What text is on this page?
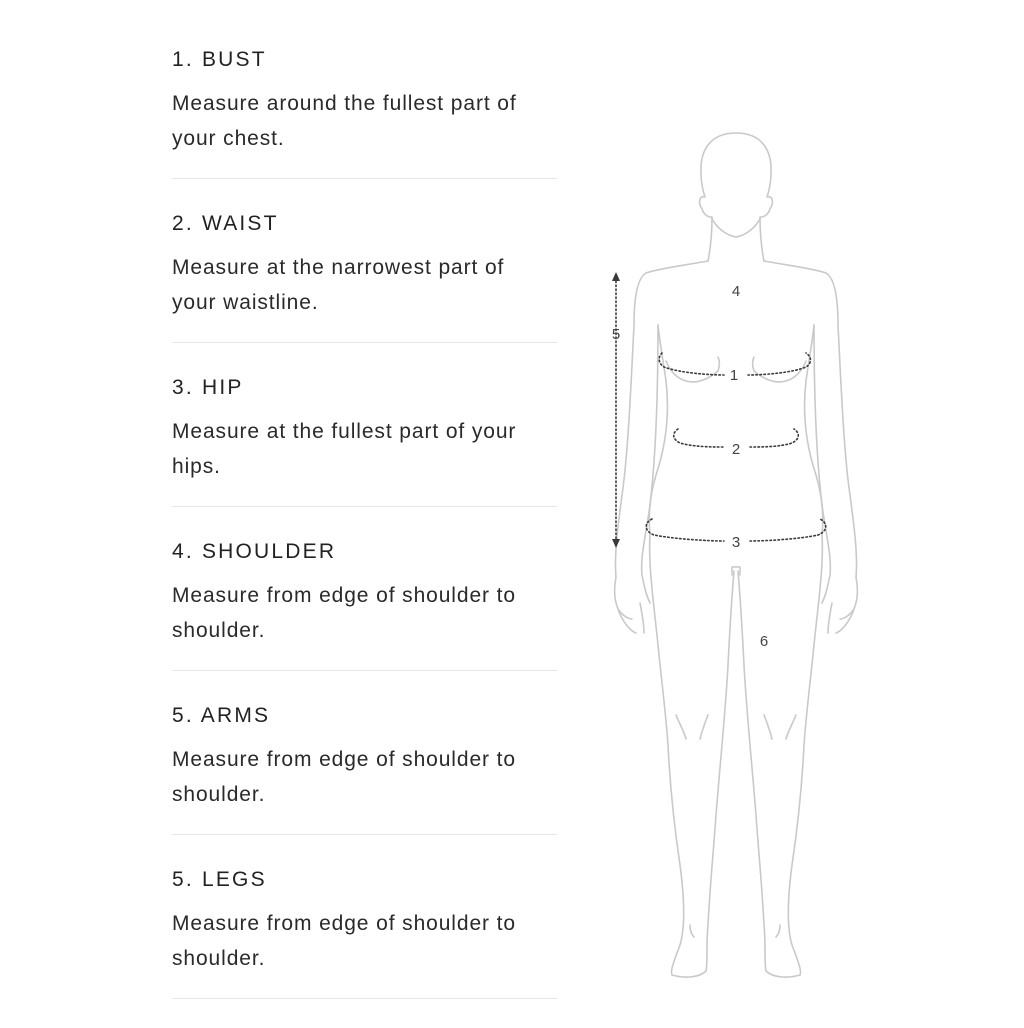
1. BUST

Measure around the fullest part of your chest.

2. WAIST

Measure at the narrowest part of your waistline.

3. HIP

Measure at the fullest part of your hips.

4. SHOULDER

Measure from edge of shoulder to shoulder.

5. ARMS

Measure from edge of shoulder to shoulder.

5. LEGS

Measure from edge of shoulder to shoulder.

1
2
3
4
5
6
